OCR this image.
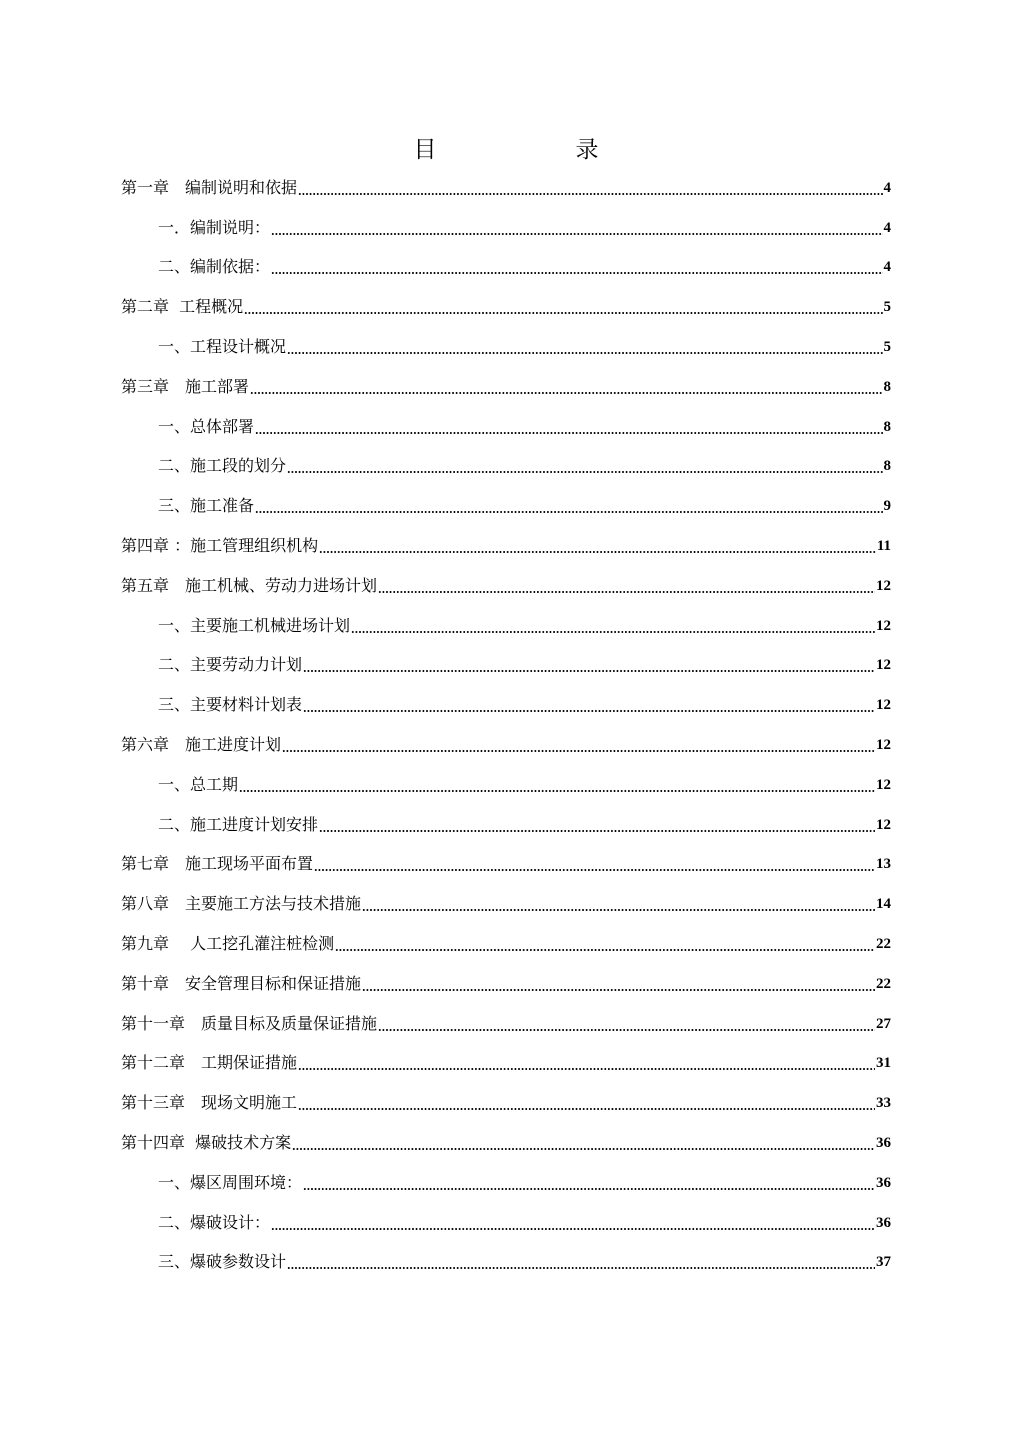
目　录
第一章　编制说明和依据	4
一．编制说明：	4
二、编制依据：	4
第二章  工程概况	5
一、工程设计概况	5
第三章　施工部署	8
一、总体部署	8
二、施工段的划分	8
三、施工准备	9
第四章 ：施工管理组织机构	11
第五章　施工机械、劳动力进场计划	12
一、主要施工机械进场计划	12
二、主要劳动力计划	12
三、主要材料计划表	12
第六章　施工进度计划	12
一、总工期	12
二、施工进度计划安排	12
第七章　施工现场平面布置	13
第八章　主要施工方法与技术措施	14
第九章　 人工挖孔灌注桩检测	22
第十章　安全管理目标和保证措施	22
第十一章　质量目标及质量保证措施	27
第十二章　工期保证措施	31
第十三章　现场文明施工	33
第十四章  爆破技术方案	36
一、爆区周围环境：	36
二、爆破设计：	36
三、爆破参数设计	37
